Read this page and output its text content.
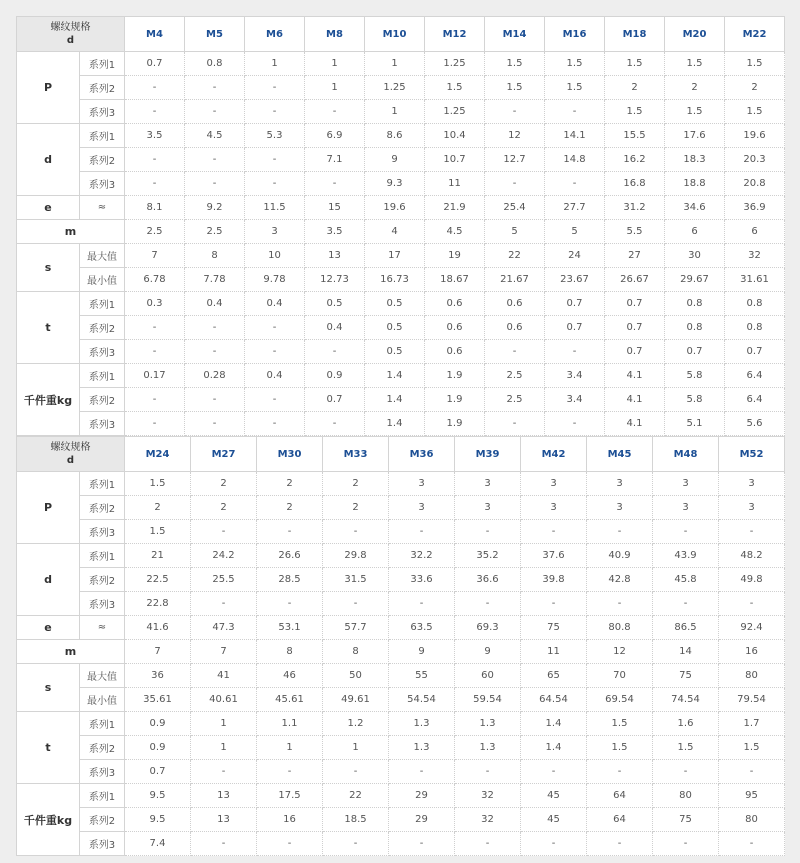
螺纹规格
d		M4	M5	M6	M8	M10	M12	M14	M16	M18	M20	M22
P	系列1	0.7	0.8	1	1	1	1.25	1.5	1.5	1.5	1.5	1.5
	系列2	-	-	-	1	1.25	1.5	1.5	1.5	2	2	2
	系列3	-	-	-	-	1	1.25	-	-	1.5	1.5	1.5
d	系列1	3.5	4.5	5.3	6.9	8.6	10.4	12	14.1	15.5	17.6	19.6
	系列2	-	-	-	7.1	9	10.7	12.7	14.8	16.2	18.3	20.3
	系列3	-	-	-	-	9.3	11	-	-	16.8	18.8	20.8
e	≈	8.1	9.2	11.5	15	19.6	21.9	25.4	27.7	31.2	34.6	36.9
m		2.5	2.5	3	3.5	4	4.5	5	5	5.5	6	6
s	最大值	7	8	10	13	17	19	22	24	27	30	32
	最小值	6.78	7.78	9.78	12.73	16.73	18.67	21.67	23.67	26.67	29.67	31.61
t	系列1	0.3	0.4	0.4	0.5	0.5	0.6	0.6	0.7	0.7	0.8	0.8
	系列2	-	-	-	0.4	0.5	0.6	0.6	0.7	0.7	0.8	0.8
	系列3	-	-	-	-	0.5	0.6	-	-	0.7	0.7	0.7
千件重kg	系列1	0.17	0.28	0.4	0.9	1.4	1.9	2.5	3.4	4.1	5.8	6.4
	系列2	-	-	-	0.7	1.4	1.9	2.5	3.4	4.1	5.8	6.4
	系列3	-	-	-	-	1.4	1.9	-	-	4.1	5.1	5.6
螺纹规格
d		M24	M27	M30	M33	M36	M39	M42	M45	M48	M52
P	系列1	1.5	2	2	2	3	3	3	3	3	3
	系列2	2	2	2	2	3	3	3	3	3	3
	系列3	1.5	-	-	-	-	-	-	-	-	-
d	系列1	21	24.2	26.6	29.8	32.2	35.2	37.6	40.9	43.9	48.2
	系列2	22.5	25.5	28.5	31.5	33.6	36.6	39.8	42.8	45.8	49.8
	系列3	22.8	-	-	-	-	-	-	-	-	-
e	≈	41.6	47.3	53.1	57.7	63.5	69.3	75	80.8	86.5	92.4
m		7	7	8	8	9	9	11	12	14	16
s	最大值	36	41	46	50	55	60	65	70	75	80
	最小值	35.61	40.61	45.61	49.61	54.54	59.54	64.54	69.54	74.54	79.54
t	系列1	0.9	1	1.1	1.2	1.3	1.3	1.4	1.5	1.6	1.7
	系列2	0.9	1	1	1	1.3	1.3	1.4	1.5	1.5	1.5
	系列3	0.7	-	-	-	-	-	-	-	-	-
千件重kg	系列1	9.5	13	17.5	22	29	32	45	64	80	95
	系列2	9.5	13	16	18.5	29	32	45	64	75	80
	系列3	7.4	-	-	-	-	-	-	-	-	-
